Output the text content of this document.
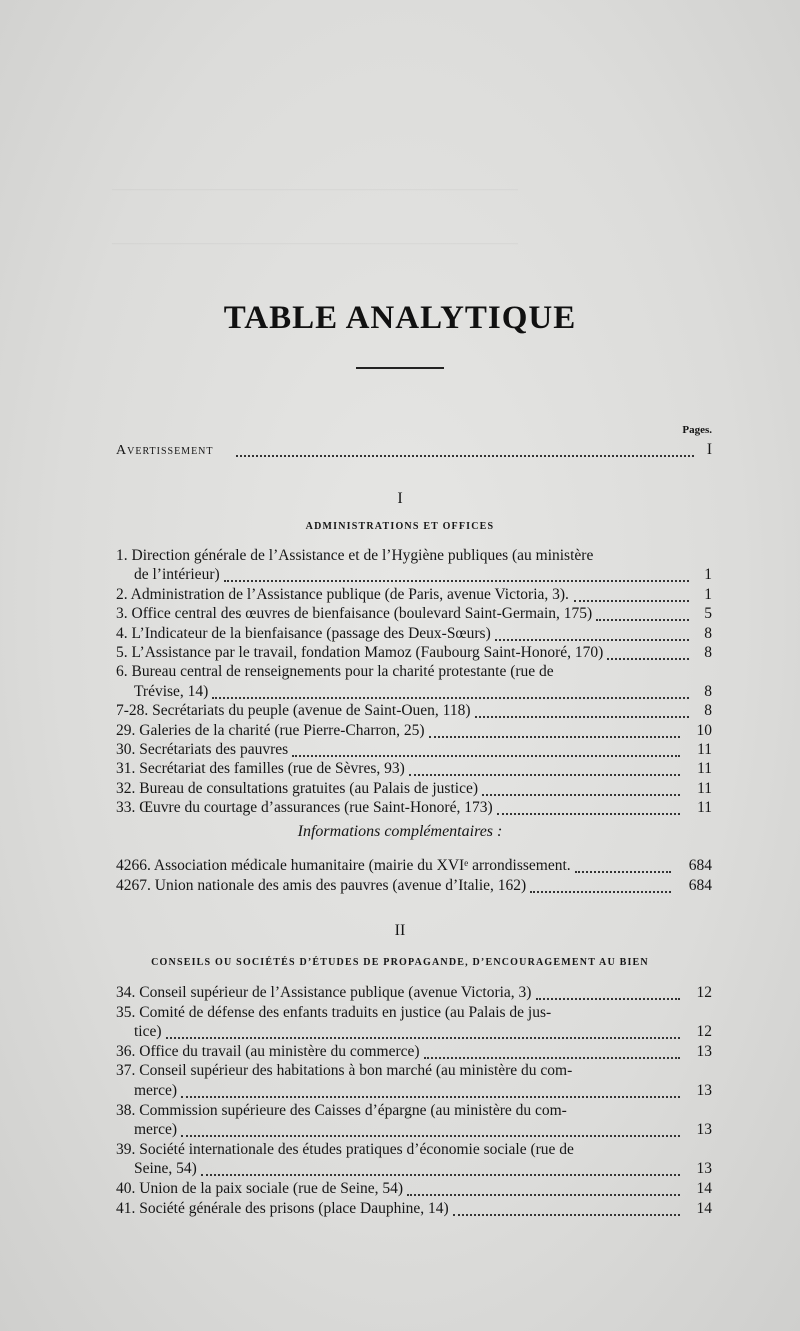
—————————————————————————————
—————————————————————————————
TABLE ANALYTIQUE
Pages.
Avertissement	I
I
ADMINISTRATIONS ET OFFICES
1. Direction générale de l’Assistance et de l’Hygiène publiques (au ministère
de l’intérieur)	1
2. Administration de l’Assistance publique (de Paris, avenue Victoria, 3).	1
3. Office central des œuvres de bienfaisance (boulevard Saint-Germain, 175)	5
4. L’Indicateur de la bienfaisance (passage des Deux-Sœurs)	8
5. L’Assistance par le travail, fondation Mamoz (Faubourg Saint-Honoré, 170)	8
6. Bureau central de renseignements pour la charité protestante (rue de
Trévise, 14)	8
7-28. Secrétariats du peuple (avenue de Saint-Ouen, 118)	8
29. Galeries de la charité (rue Pierre-Charron, 25)	10
30. Secrétariats des pauvres	11
31. Secrétariat des familles (rue de Sèvres, 93)	11
32. Bureau de consultations gratuites (au Palais de justice)	11
33. Œuvre du courtage d’assurances (rue Saint-Honoré, 173)	11
Informations complémentaires :
4266. Association médicale humanitaire (mairie du XVIᵉ arrondissement.	684
4267. Union nationale des amis des pauvres (avenue d’Italie, 162)	684
II
CONSEILS OU SOCIÉTÉS D’ÉTUDES DE PROPAGANDE, D’ENCOURAGEMENT AU BIEN
34. Conseil supérieur de l’Assistance publique (avenue Victoria, 3)	12
35. Comité de défense des enfants traduits en justice (au Palais de jus-
tice)	12
36. Office du travail (au ministère du commerce)	13
37. Conseil supérieur des habitations à bon marché (au ministère du com-
merce)	13
38. Commission supérieure des Caisses d’épargne (au ministère du com-
merce)	13
39. Société internationale des études pratiques d’économie sociale (rue de
Seine, 54)	13
40. Union de la paix sociale (rue de Seine, 54)	14
41. Société générale des prisons (place Dauphine, 14)	14
